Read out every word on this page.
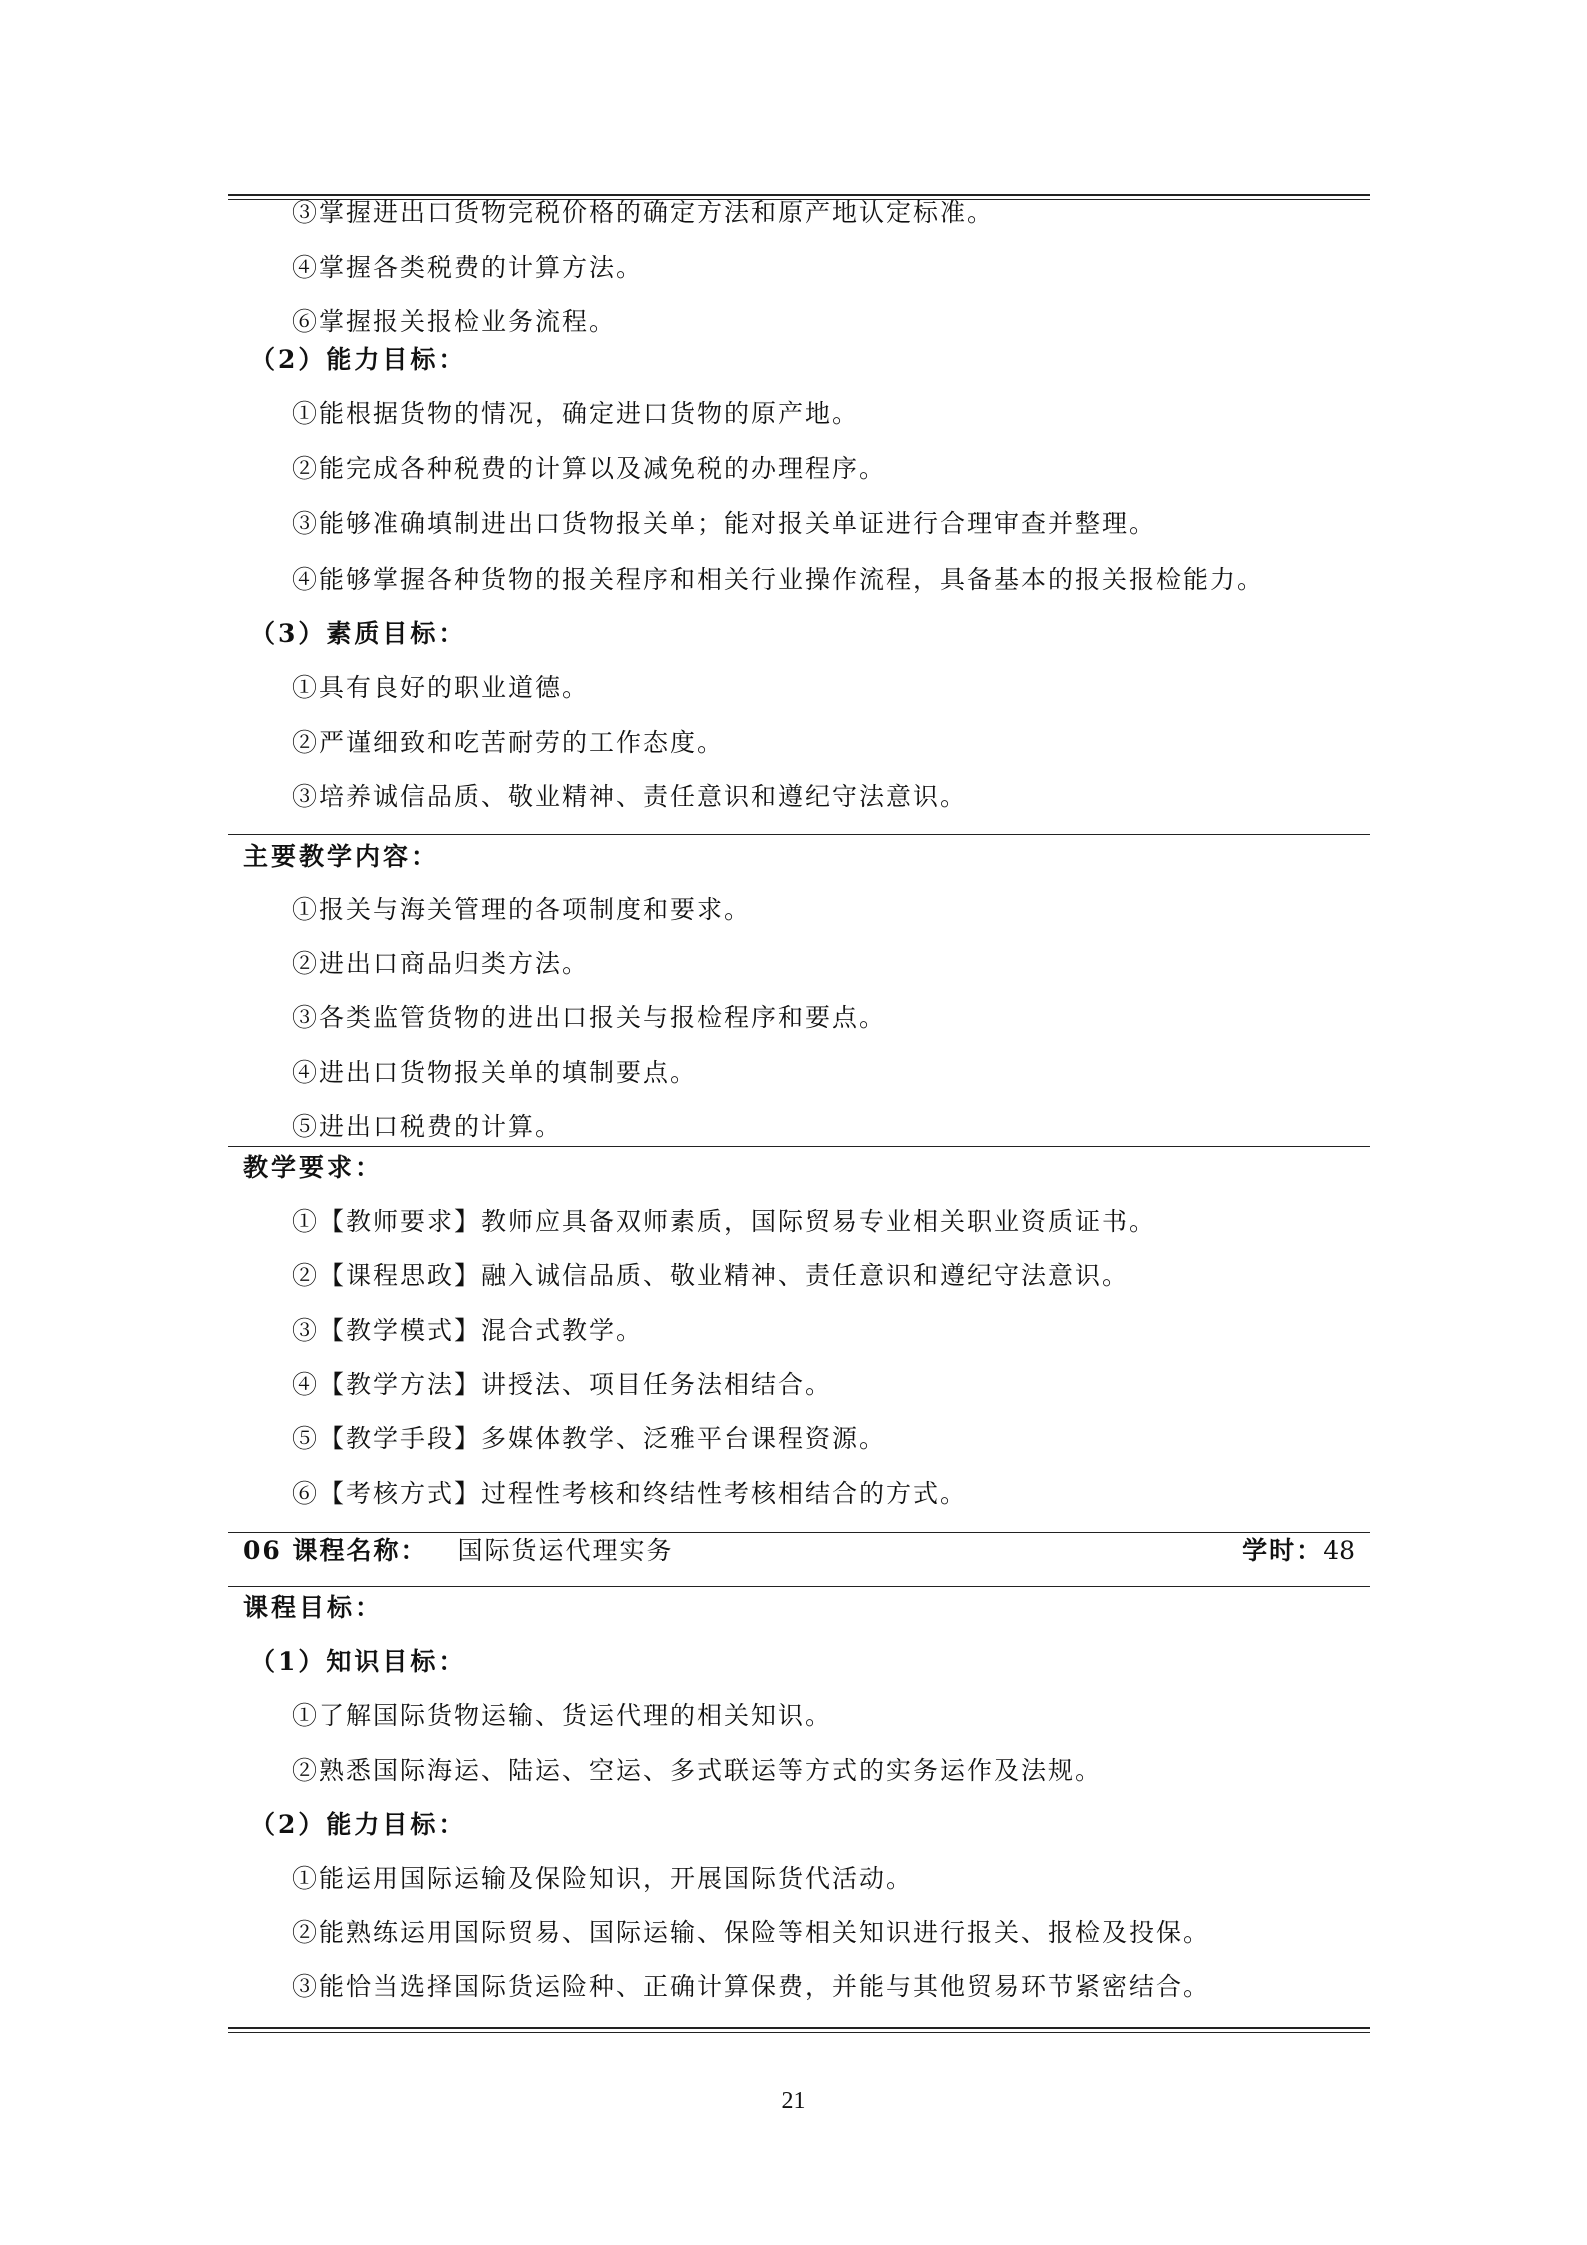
③掌握进出口货物完税价格的确定方法和原产地认定标准。
④掌握各类税费的计算方法。
⑥掌握报关报检业务流程。
（2）能力目标：
①能根据货物的情况，确定进口货物的原产地。
②能完成各种税费的计算以及减免税的办理程序。
③能够准确填制进出口货物报关单；能对报关单证进行合理审查并整理。
④能够掌握各种货物的报关程序和相关行业操作流程，具备基本的报关报检能力。
（3）素质目标：
①具有良好的职业道德。
②严谨细致和吃苦耐劳的工作态度。
③培养诚信品质、敬业精神、责任意识和遵纪守法意识。
主要教学内容：
①报关与海关管理的各项制度和要求。
②进出口商品归类方法。
③各类监管货物的进出口报关与报检程序和要点。
④进出口货物报关单的填制要点。
⑤进出口税费的计算。
教学要求：
①【教师要求】教师应具备双师素质，国际贸易专业相关职业资质证书。
②【课程思政】融入诚信品质、敬业精神、责任意识和遵纪守法意识。
③【教学模式】混合式教学。
④【教学方法】讲授法、项目任务法相结合。
⑤【教学手段】多媒体教学、泛雅平台课程资源。
⑥【考核方式】过程性考核和终结性考核相结合的方式。
06 课程名称： 国际货运代理实务	学时：48
课程目标：
（1）知识目标：
①了解国际货物运输、货运代理的相关知识。
②熟悉国际海运、陆运、空运、多式联运等方式的实务运作及法规。
（2）能力目标：
①能运用国际运输及保险知识，开展国际货代活动。
②能熟练运用国际贸易、国际运输、保险等相关知识进行报关、报检及投保。
③能恰当选择国际货运险种、正确计算保费，并能与其他贸易环节紧密结合。
21
